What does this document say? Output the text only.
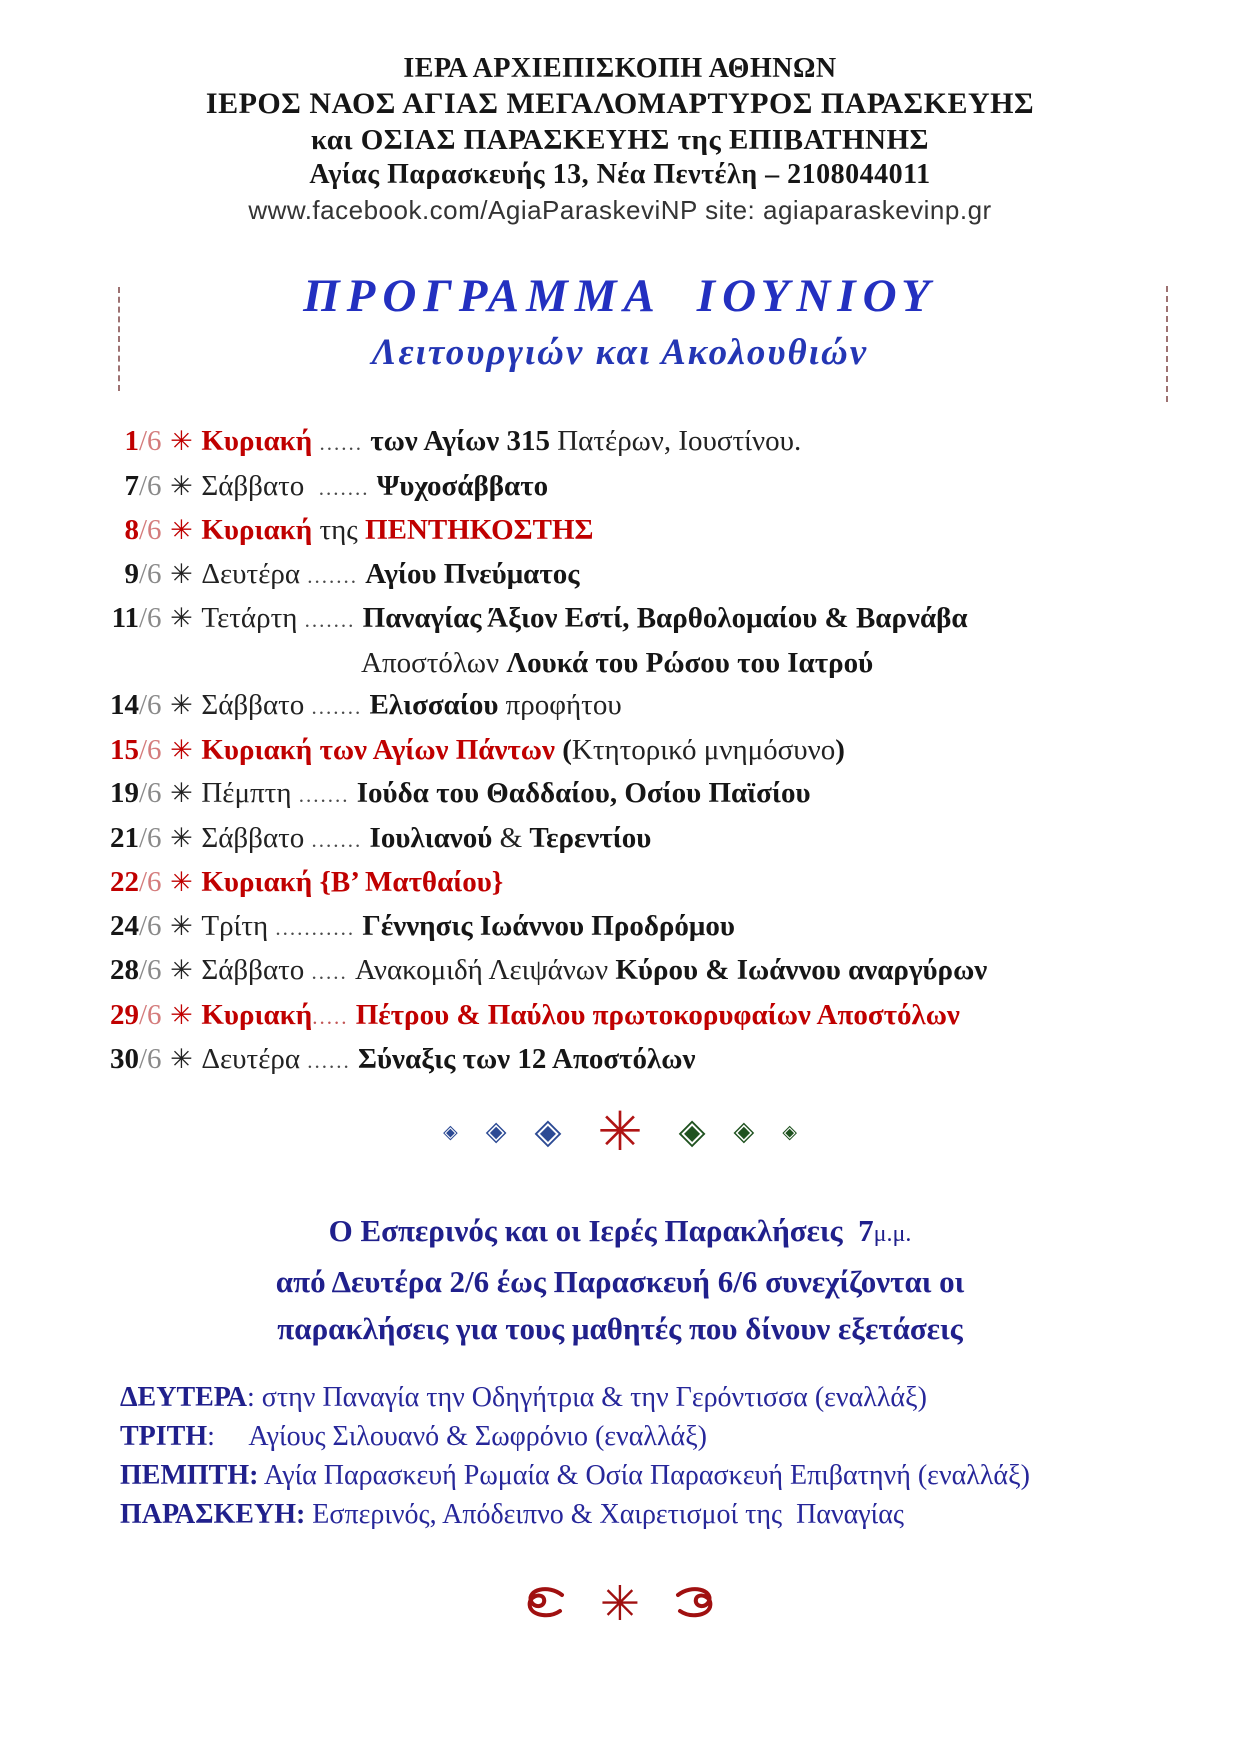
ΙΕΡΑ ΑΡΧΙΕΠΙΣΚΟΠΗ ΑΘΗΝΩΝ
ΙΕΡΟΣ ΝΑΟΣ ΑΓΙΑΣ ΜΕΓΑΛΟΜΑΡΤΥΡΟΣ ΠΑΡΑΣΚΕΥΗΣ
και ΟΣΙΑΣ ΠΑΡΑΣΚΕΥΗΣ της ΕΠΙΒΑΤΗΝΗΣ
Αγίας Παρασκευής 13, Νέα Πεντέλη – 2108044011
www.facebook.com/AgiaParaskeviNP site: agiaparaskevinp.gr
ΠΡΟΓΡΑΜΜΑ  ΙΟΥΝΙΟΥ
Λειτουργιών και Ακολουθιών
1/6 ✳ Κυριακή ...... των Αγίων 315 Πατέρων, Ιουστίνου.
7/6 ✳ Σάββατο  ....... Ψυχοσάββατο
8/6 ✳ Κυριακή της ΠΕΝΤΗΚΟΣΤΗΣ
9/6 ✳ Δευτέρα ....... Αγίου Πνεύματος
11/6 ✳ Τετάρτη ....... Παναγίας Άξιον Εστί, Βαρθολομαίου & Βαρνάβα
Αποστόλων Λουκά του Ρώσου του Ιατρού
14/6 ✳ Σάββατο ....... Ελισσαίου προφήτου
15/6 ✳ Κυριακή των Αγίων Πάντων (Κτητορικό μνημόσυνο)
19/6 ✳ Πέμπτη ....... Ιούδα του Θαδδαίου, Οσίου Παϊσίου
21/6 ✳ Σάββατο ....... Ιουλιανού & Τερεντίου
22/6 ✳ Κυριακή {Β’ Ματθαίου}
24/6 ✳ Τρίτη ........... Γέννησις Ιωάννου Προδρόμου
28/6 ✳ Σάββατο ..... Ανακομιδή Λειψάνων Κύρου & Ιωάννου αναργύρων
29/6 ✳ Κυριακή..... Πέτρου & Παύλου πρωτοκορυφαίων Αποστόλων
30/6 ✳ Δευτέρα ...... Σύναξις των 12 Αποστόλων
◈ ◈ ◈ ✳ ◈ ◈ ◈
Ο Εσπερινός και οι Ιερές Παρακλήσεις  7μ.μ.
από Δευτέρα 2/6 έως Παρασκευή 6/6 συνεχίζονται οι
παρακλήσεις για τους μαθητές που δίνουν εξετάσεις
ΔΕΥΤΕΡΑ: στην Παναγία την Οδηγήτρια & την Γερόντισσα (εναλλάξ)
ΤΡΙΤΗ:     Αγίους Σιλουανό & Σωφρόνιο (εναλλάξ)
ΠΕΜΠΤΗ: Αγία Παρασκευή Ρωμαία & Οσία Παρασκευή Επιβατηνή (εναλλάξ)
ΠΑΡΑΣΚΕΥΗ: Εσπερινός, Απόδειπνο & Χαιρετισμοί της  Παναγίας
✳
